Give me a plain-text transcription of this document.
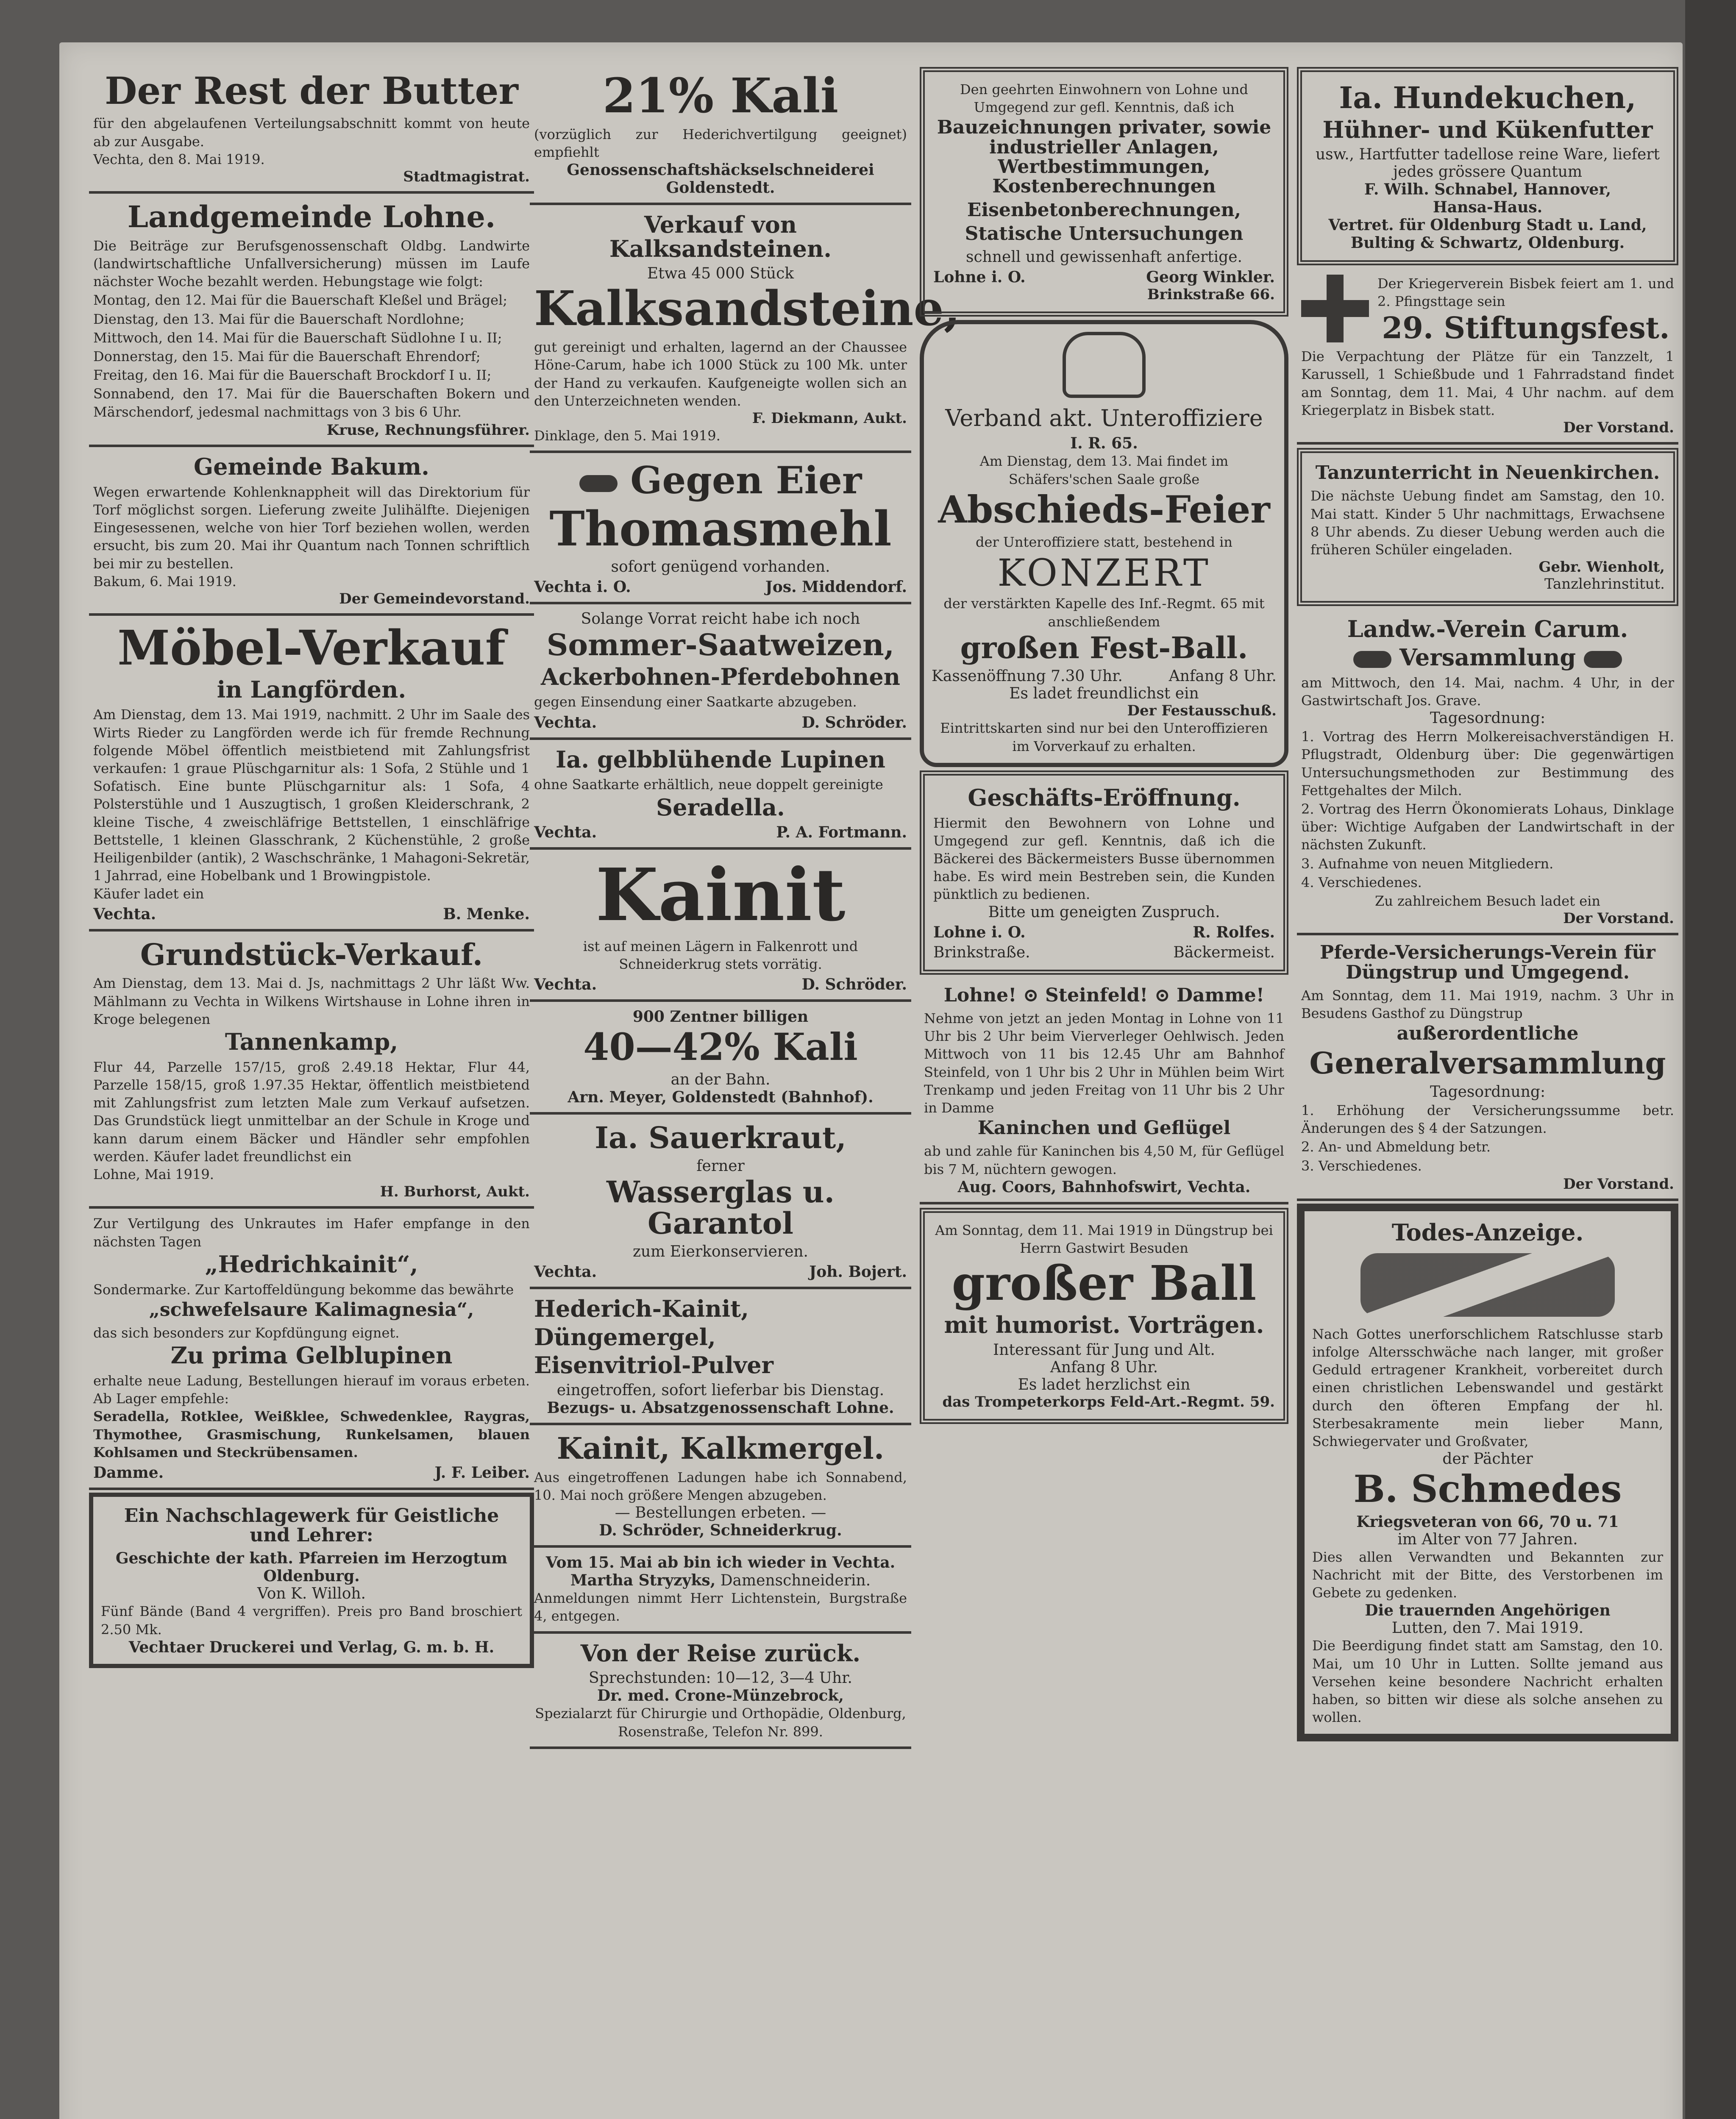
Der Rest der Butter
für den abgelaufenen Verteilungsabschnitt kommt von heute ab zur Ausgabe.
Vechta, den 8. Mai 1919.
Stadtmagistrat.
Landgemeinde Lohne.
Die Beiträge zur Berufsgenossenschaft Oldbg. Landwirte (landwirtschaftliche Unfallversicherung) müssen im Laufe nächster Woche bezahlt werden. Hebungstage wie folgt:
Montag, den 12. Mai für die Bauerschaft Kleßel und Brägel;
Dienstag, den 13. Mai für die Bauerschaft Nordlohne;
Mittwoch, den 14. Mai für die Bauerschaft Südlohne I u. II;
Donnerstag, den 15. Mai für die Bauerschaft Ehrendorf;
Freitag, den 16. Mai für die Bauerschaft Brockdorf I u. II;
Sonnabend, den 17. Mai für die Bauerschaften Bokern und Märschendorf, jedesmal nachmittags von 3 bis 6 Uhr.
Kruse, Rechnungsführer.
Gemeinde Bakum.
Wegen erwartende Kohlenknappheit will das Direktorium für Torf möglichst sorgen. Lieferung zweite Julihälfte. Diejenigen Eingesessenen, welche von hier Torf beziehen wollen, werden ersucht, bis zum 20. Mai ihr Quantum nach Tonnen schriftlich bei mir zu bestellen.
Bakum, 6. Mai 1919.
Der Gemeindevorstand.
Möbel-Verkauf
in Langförden.
Am Dienstag, dem 13. Mai 1919, nachmitt. 2 Uhr im Saale des Wirts Rieder zu Langförden werde ich für fremde Rechnung folgende Möbel öffentlich meistbietend mit Zahlungsfrist verkaufen: 1 graue Plüschgarnitur als: 1 Sofa, 2 Stühle und 1 Sofatisch. Eine bunte Plüschgarnitur als: 1 Sofa, 4 Polsterstühle und 1 Auszugtisch, 1 großen Kleiderschrank, 2 kleine Tische, 4 zweischläfrige Bettstellen, 1 einschläfrige Bettstelle, 1 kleinen Glasschrank, 2 Küchenstühle, 2 große Heiligenbilder (antik), 2 Waschschränke, 1 Mahagoni-Sekretär, 1 Jahrrad, eine Hobelbank und 1 Browingpistole.
Käufer ladet ein
Vechta.	B. Menke.
Grundstück-Verkauf.
Am Dienstag, dem 13. Mai d. Js, nachmittags 2 Uhr läßt Ww. Mählmann zu Vechta in Wilkens Wirtshause in Lohne ihren in Kroge belegenen
Tannenkamp,
Flur 44, Parzelle 157/15, groß 2.49.18 Hektar, Flur 44, Parzelle 158/15, groß 1.97.35 Hektar, öffentlich meistbietend mit Zahlungsfrist zum letzten Male zum Verkauf aufsetzen. Das Grundstück liegt unmittelbar an der Schule in Kroge und kann darum einem Bäcker und Händler sehr empfohlen werden. Käufer ladet freundlichst ein
Lohne, Mai 1919.
H. Burhorst, Aukt.
Zur Vertilgung des Unkrautes im Hafer empfange in den nächsten Tagen
„Hedrichkainit“,
Sondermarke. Zur Kartoffeldüngung bekomme das bewährte
„schwefelsaure Kalimagnesia“,
das sich besonders zur Kopfdüngung eignet.
Zu prima Gelblupinen
erhalte neue Ladung, Bestellungen hierauf im voraus erbeten. Ab Lager empfehle:
Seradella, Rotklee, Weißklee, Schwedenklee, Raygras, Thymothee, Grasmischung, Runkelsamen, blauen Kohlsamen und Steckrübensamen.
Damme.	J. F. Leiber.
Ein Nachschlagewerk für Geistliche und Lehrer:
Geschichte der kath. Pfarreien im Herzogtum Oldenburg.
Von K. Willoh.
Fünf Bände (Band 4 vergriffen). Preis pro Band broschiert 2.50 Mk.
Vechtaer Druckerei und Verlag, G. m. b. H.
21% Kali
(vorzüglich zur Hederichvertilgung geeignet) empfiehlt
Genossenschaftshäckselschneiderei Goldenstedt.
Verkauf von Kalksandsteinen.
Etwa 45 000 Stück
Kalksandsteine,
gut gereinigt und erhalten, lagernd an der Chaussee Höne-Carum, habe ich 1000 Stück zu 100 Mk. unter der Hand zu verkaufen. Kaufgeneigte wollen sich an den Unterzeichneten wenden.
F. Diekmann, Aukt.
Dinklage, den 5. Mai 1919.
Gegen Eier
Thomasmehl
sofort genügend vorhanden.
Vechta i. O.	Jos. Middendorf.
Solange Vorrat reicht habe ich noch
Sommer-Saatweizen,
Ackerbohnen-Pferdebohnen
gegen Einsendung einer Saatkarte abzugeben.
Vechta.	D. Schröder.
Ia. gelbblühende Lupinen
ohne Saatkarte erhältlich, neue doppelt gereinigte
Seradella.
Vechta.	P. A. Fortmann.
Kainit
ist auf meinen Lägern in Falkenrott und Schneiderkrug stets vorrätig.
Vechta.	D. Schröder.
900 Zentner billigen
40—42% Kali
an der Bahn.
Arn. Meyer, Goldenstedt (Bahnhof).
Ia. Sauerkraut,
ferner
Wasserglas u. Garantol
zum Eierkonservieren.
Vechta.	Joh. Bojert.
Hederich-Kainit,
Düngemergel,
Eisenvitriol-Pulver
eingetroffen, sofort lieferbar bis Dienstag.
Bezugs- u. Absatzgenossenschaft Lohne.
Kainit, Kalkmergel.
Aus eingetroffenen Ladungen habe ich Sonnabend, 10. Mai noch größere Mengen abzugeben.
— Bestellungen erbeten. —
D. Schröder, Schneiderkrug.
Vom 15. Mai ab bin ich wieder in Vechta.
Martha Stryzyks, Damenschneiderin.
Anmeldungen nimmt Herr Lichtenstein, Burgstraße 4, entgegen.
Von der Reise zurück.
Sprechstunden: 10—12, 3—4 Uhr.
Dr. med. Crone-Münzebrock,
Spezialarzt für Chirurgie und Orthopädie, Oldenburg, Rosenstraße, Telefon Nr. 899.
Den geehrten Einwohnern von Lohne und Umgegend zur gefl. Kenntnis, daß ich
Bauzeichnungen privater, sowie industrieller Anlagen, Wertbestimmungen, Kostenberechnungen
Eisenbetonberechnungen,
Statische Untersuchungen
schnell und gewissenhaft anfertige.
Lohne i. O.	Georg Winkler.
Brinkstraße 66.
Verband akt. Unteroffiziere
I. R. 65.
Am Dienstag, dem 13. Mai findet im Schäfers'schen Saale große
Abschieds-Feier
der Unteroffiziere statt, bestehend in
KONZERT
der verstärkten Kapelle des Inf.-Regmt. 65 mit anschließendem
großen Fest-Ball.
Kassenöffnung 7.30 Uhr.	Anfang 8 Uhr.
Es ladet freundlichst ein
Der Festausschuß.
Eintrittskarten sind nur bei den Unteroffizieren im Vorverkauf zu erhalten.
Geschäfts-Eröffnung.
Hiermit den Bewohnern von Lohne und Umgegend zur gefl. Kenntnis, daß ich die Bäckerei des Bäckermeisters Busse übernommen habe. Es wird mein Bestreben sein, die Kunden pünktlich zu bedienen.
Bitte um geneigten Zuspruch.
Lohne i. O.	R. Rolfes.
Brinkstraße.	Bäckermeist.
Lohne! ⊙ Steinfeld! ⊙ Damme!
Nehme von jetzt an jeden Montag in Lohne von 11 Uhr bis 2 Uhr beim Vierverleger Oehlwisch. Jeden Mittwoch von 11 bis 12.45 Uhr am Bahnhof Steinfeld, von 1 Uhr bis 2 Uhr in Mühlen beim Wirt Trenkamp und jeden Freitag von 11 Uhr bis 2 Uhr in Damme
Kaninchen und Geflügel
ab und zahle für Kaninchen bis 4,50 M, für Geflügel bis 7 M, nüchtern gewogen.
Aug. Coors, Bahnhofswirt, Vechta.
Am Sonntag, dem 11. Mai 1919 in Düngstrup bei Herrn Gastwirt Besuden
großer Ball
mit humorist. Vorträgen.
Interessant für Jung und Alt.
Anfang 8 Uhr.
Es ladet herzlichst ein
das Trompeterkorps Feld-Art.-Regmt. 59.
Ia. Hundekuchen,
Hühner- und Kükenfutter
usw., Hartfutter tadellose reine Ware, liefert jedes grössere Quantum
F. Wilh. Schnabel, Hannover,
Hansa-Haus.
Vertret. für Oldenburg Stadt u. Land, Bulting & Schwartz, Oldenburg.
Der Kriegerverein Bisbek feiert am 1. und 2. Pfingsttage sein
29. Stiftungsfest.
Die Verpachtung der Plätze für ein Tanzzelt, 1 Karussell, 1 Schießbude und 1 Fahrradstand findet am Sonntag, dem 11. Mai, 4 Uhr nachm. auf dem Kriegerplatz in Bisbek statt.
Der Vorstand.
Tanzunterricht in Neuenkirchen.
Die nächste Uebung findet am Samstag, den 10. Mai statt. Kinder 5 Uhr nachmittags, Erwachsene 8 Uhr abends. Zu dieser Uebung werden auch die früheren Schüler eingeladen.
Gebr. Wienholt,
Tanzlehrinstitut.
Landw.-Verein Carum.
Versammlung
am Mittwoch, den 14. Mai, nachm. 4 Uhr, in der Gastwirtschaft Jos. Grave.
Tagesordnung:
1. Vortrag des Herrn Molkereisachverständigen H. Pflugstradt, Oldenburg über: Die gegenwärtigen Untersuchungsmethoden zur Bestimmung des Fettgehaltes der Milch.
2. Vortrag des Herrn Ökonomierats Lohaus, Dinklage über: Wichtige Aufgaben der Landwirtschaft in der nächsten Zukunft.
3. Aufnahme von neuen Mitgliedern.
4. Verschiedenes.
Zu zahlreichem Besuch ladet ein
Der Vorstand.
Pferde-Versicherungs-Verein für Düngstrup und Umgegend.
Am Sonntag, dem 11. Mai 1919, nachm. 3 Uhr in Besudens Gasthof zu Düngstrup
außerordentliche
Generalversammlung
Tagesordnung:
1. Erhöhung der Versicherungssumme betr. Änderungen des § 4 der Satzungen.
2. An- und Abmeldung betr.
3. Verschiedenes.
Der Vorstand.
Todes-Anzeige.
Nach Gottes unerforschlichem Ratschlusse starb infolge Altersschwäche nach langer, mit großer Geduld ertragener Krankheit, vorbereitet durch einen christlichen Lebenswandel und gestärkt durch den öfteren Empfang der hl. Sterbesakramente mein lieber Mann, Schwiegervater und Großvater,
der Pächter
B. Schmedes
Kriegsveteran von 66, 70 u. 71
im Alter von 77 Jahren.
Dies allen Verwandten und Bekannten zur Nachricht mit der Bitte, des Verstorbenen im Gebete zu gedenken.
Die trauernden Angehörigen
Lutten, den 7. Mai 1919.
Die Beerdigung findet statt am Samstag, den 10. Mai, um 10 Uhr in Lutten. Sollte jemand aus Versehen keine besondere Nachricht erhalten haben, so bitten wir diese als solche ansehen zu wollen.
